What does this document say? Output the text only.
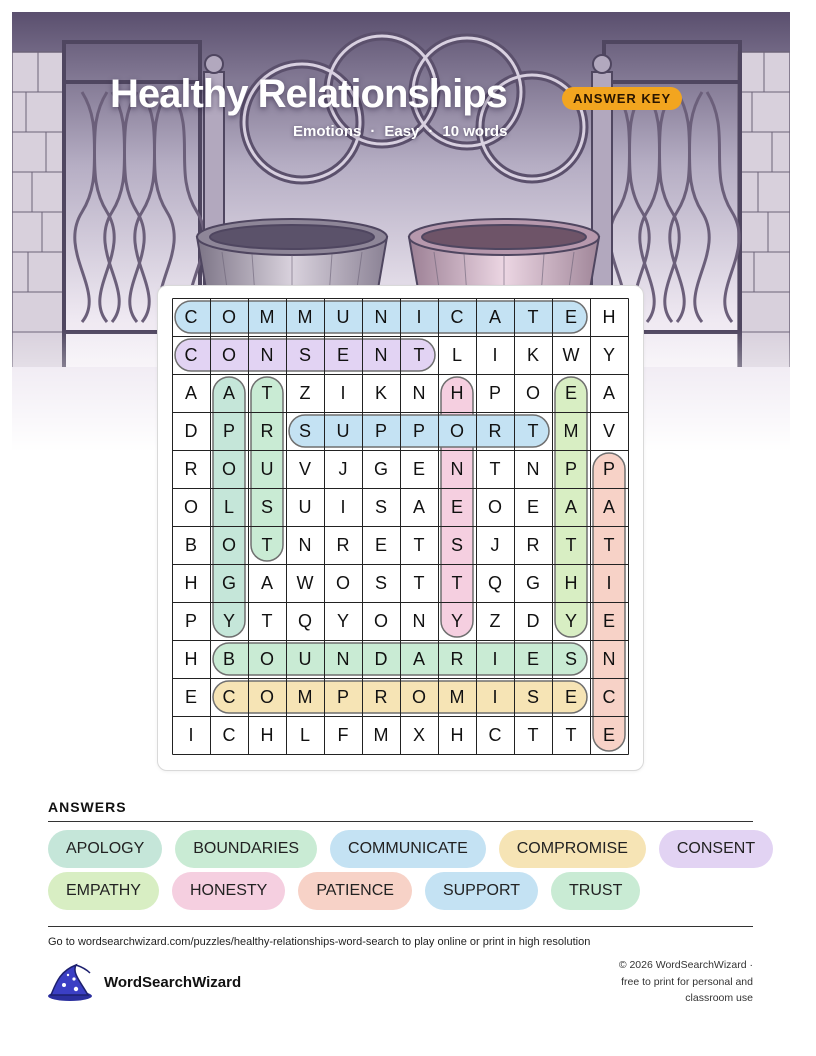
Healthy Relationships	ANSWER KEY
Emotions · Easy · 10 words
C	O	M	M	U	N	I	C	A	T	E	H
C	O	N	S	E	N	T	L	I	K	W	Y
A	A	T	Z	I	K	N	H	P	O	E	A
D	P	R	S	U	P	P	O	R	T	M	V
R	O	U	V	J	G	E	N	T	N	P	P
O	L	S	U	I	S	A	E	O	E	A	A
B	O	T	N	R	E	T	S	J	R	T	T
H	G	A	W	O	S	T	T	Q	G	H	I
P	Y	T	Q	Y	O	N	Y	Z	D	Y	E
H	B	O	U	N	D	A	R	I	E	S	N
E	C	O	M	P	R	O	M	I	S	E	C
I	C	H	L	F	M	X	H	C	T	T	E
ANSWERS
APOLOGY	BOUNDARIES	COMMUNICATE	COMPROMISE	CONSENT
EMPATHY	HONESTY	PATIENCE	SUPPORT	TRUST
Go to wordsearchwizard.com/puzzles/healthy-relationships-word-search to play online or print in high resolution
WordSearchWizard
© 2026 WordSearchWizard ·
free to print for personal and
classroom use
